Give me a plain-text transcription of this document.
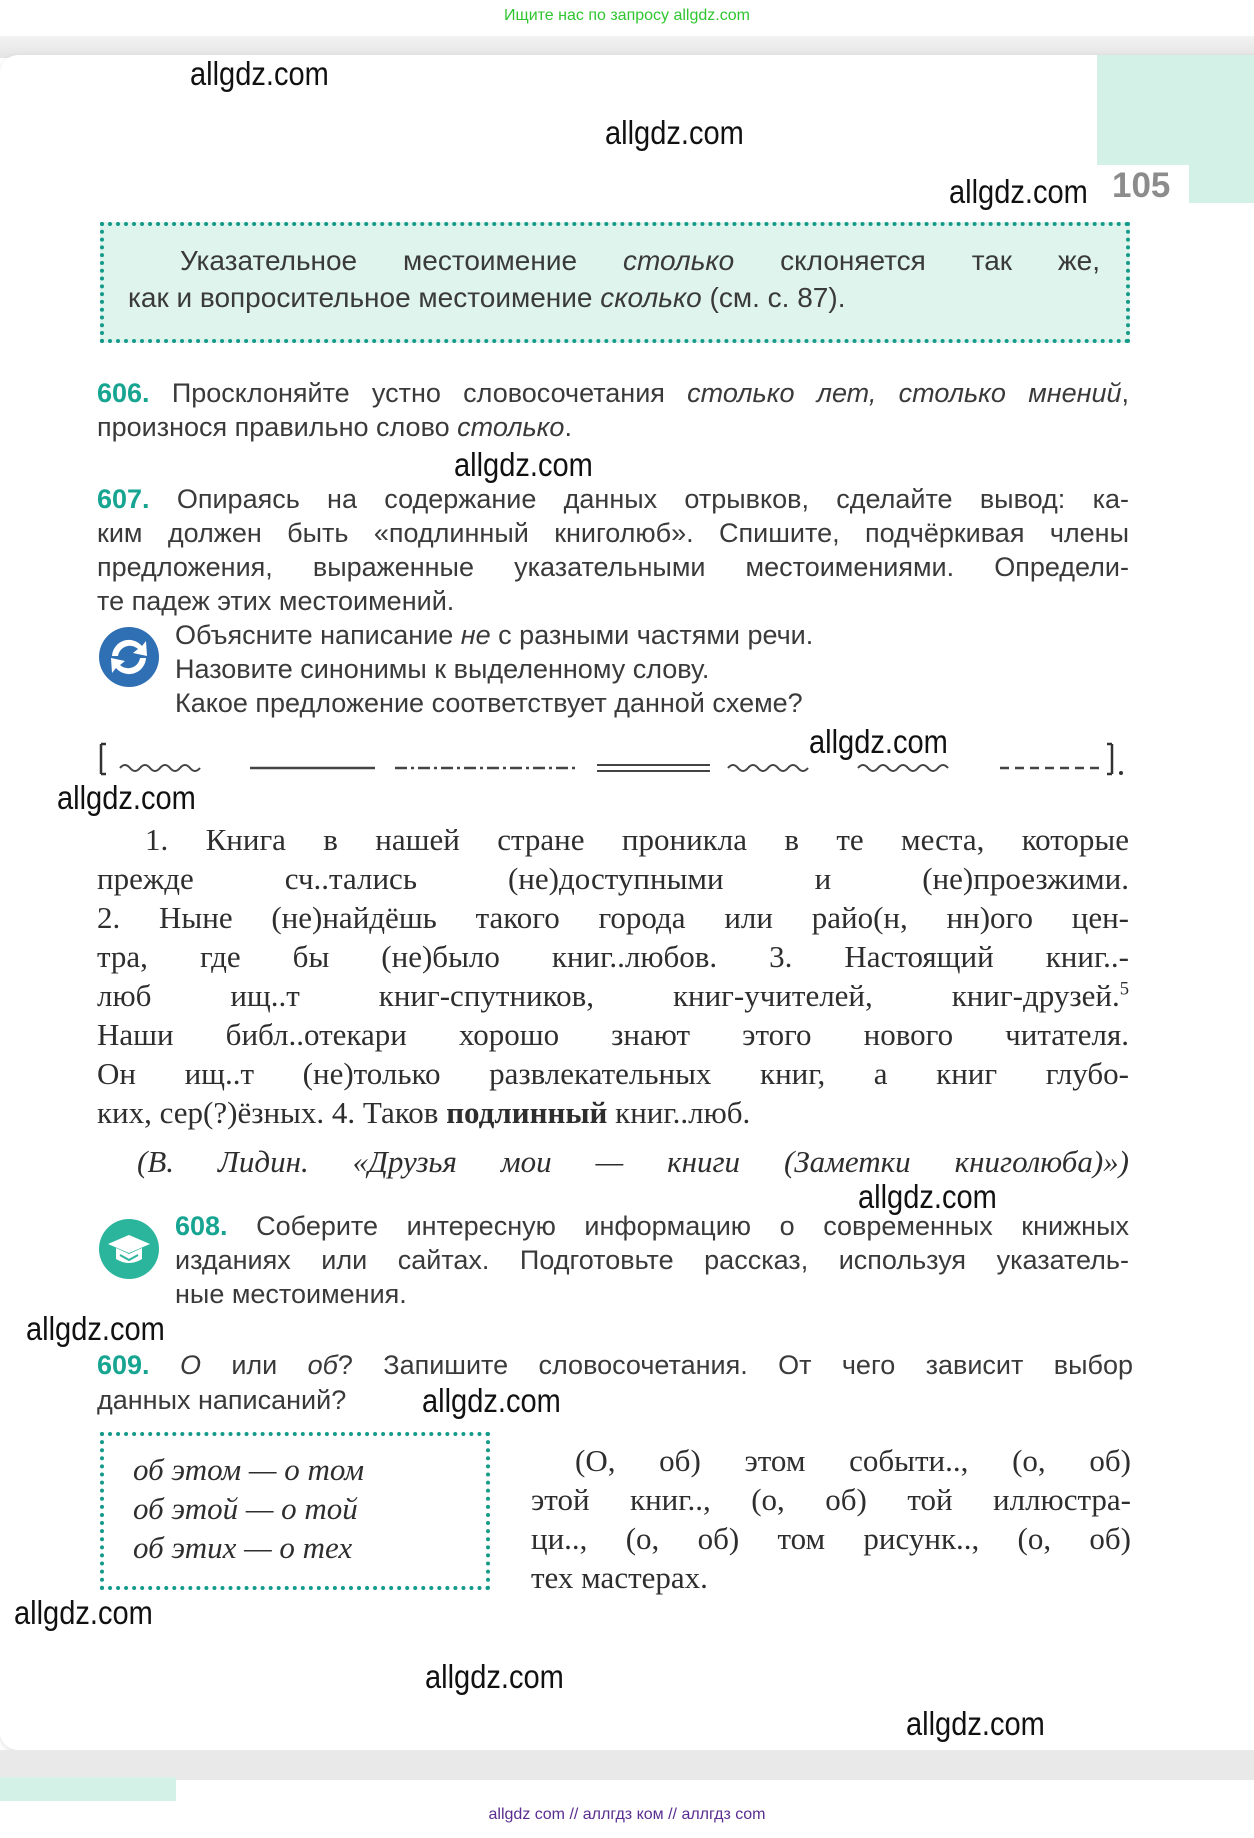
Ищите нас по запросу allgdz.com
105
Указательное местоимение столько склоняется так же,
как и вопросительное местоимение сколько (см. с. 87).
606. Просклоняйте устно словосочетания столько лет, столько мнений,
произнося правильно слово столько.
607. Опираясь на содержание данных отрывков, сделайте вывод: ка-
ким должен быть «подлинный книголюб». Спишите, подчёркивая члены
предложения, выраженные указательными местоимениями. Определи-
те падеж этих местоимений.
Объясните написание не с разными частями речи.
Назовите синонимы к выделенному слову.
Какое предложение соответствует данной схеме?
1. Книга в нашей стране проникла в те места, которые
прежде сч..тались (не)доступными и (не)проезжими.
2. Ныне (не)найдёшь такого города или райо(н, нн)ого цен-
тра, где бы (не)было книг..любов. 3. Настоящий книг..-
люб ищ..т книг-спутников, книг-учителей, книг-друзей.$^5$
Наши библ..отекари хорошо знают этого нового читателя.
Он ищ..т (не)только развлекательных книг, а книг глубо-
ких, сер(?)ёзных. 4. Таков подлинный книг..люб.
(В. Лидин. «Друзья мои — книги (Заметки книголюба)»)
608. Соберите интересную информацию о современных книжных
изданиях или сайтах. Подготовьте рассказ, используя указатель-
ные местоимения.
609. О или об? Запишите словосочетания. От чего зависит выбор
данных написаний?
об этом — о том
об этой — о той
об этих — о тех
(О, об) этом событи.., (о, об)
этой книг.., (о, об) той иллюстра-
ци.., (о, об) том рисунк.., (о, об)
тех мастерах.
allgdz.com
allgdz.com
allgdz.com
allgdz.com
allgdz.com
allgdz.com
allgdz.com
allgdz.com
allgdz.com
allgdz.com
allgdz.com
allgdz.com
allgdz com // аллгдз ком // аллгдз com
